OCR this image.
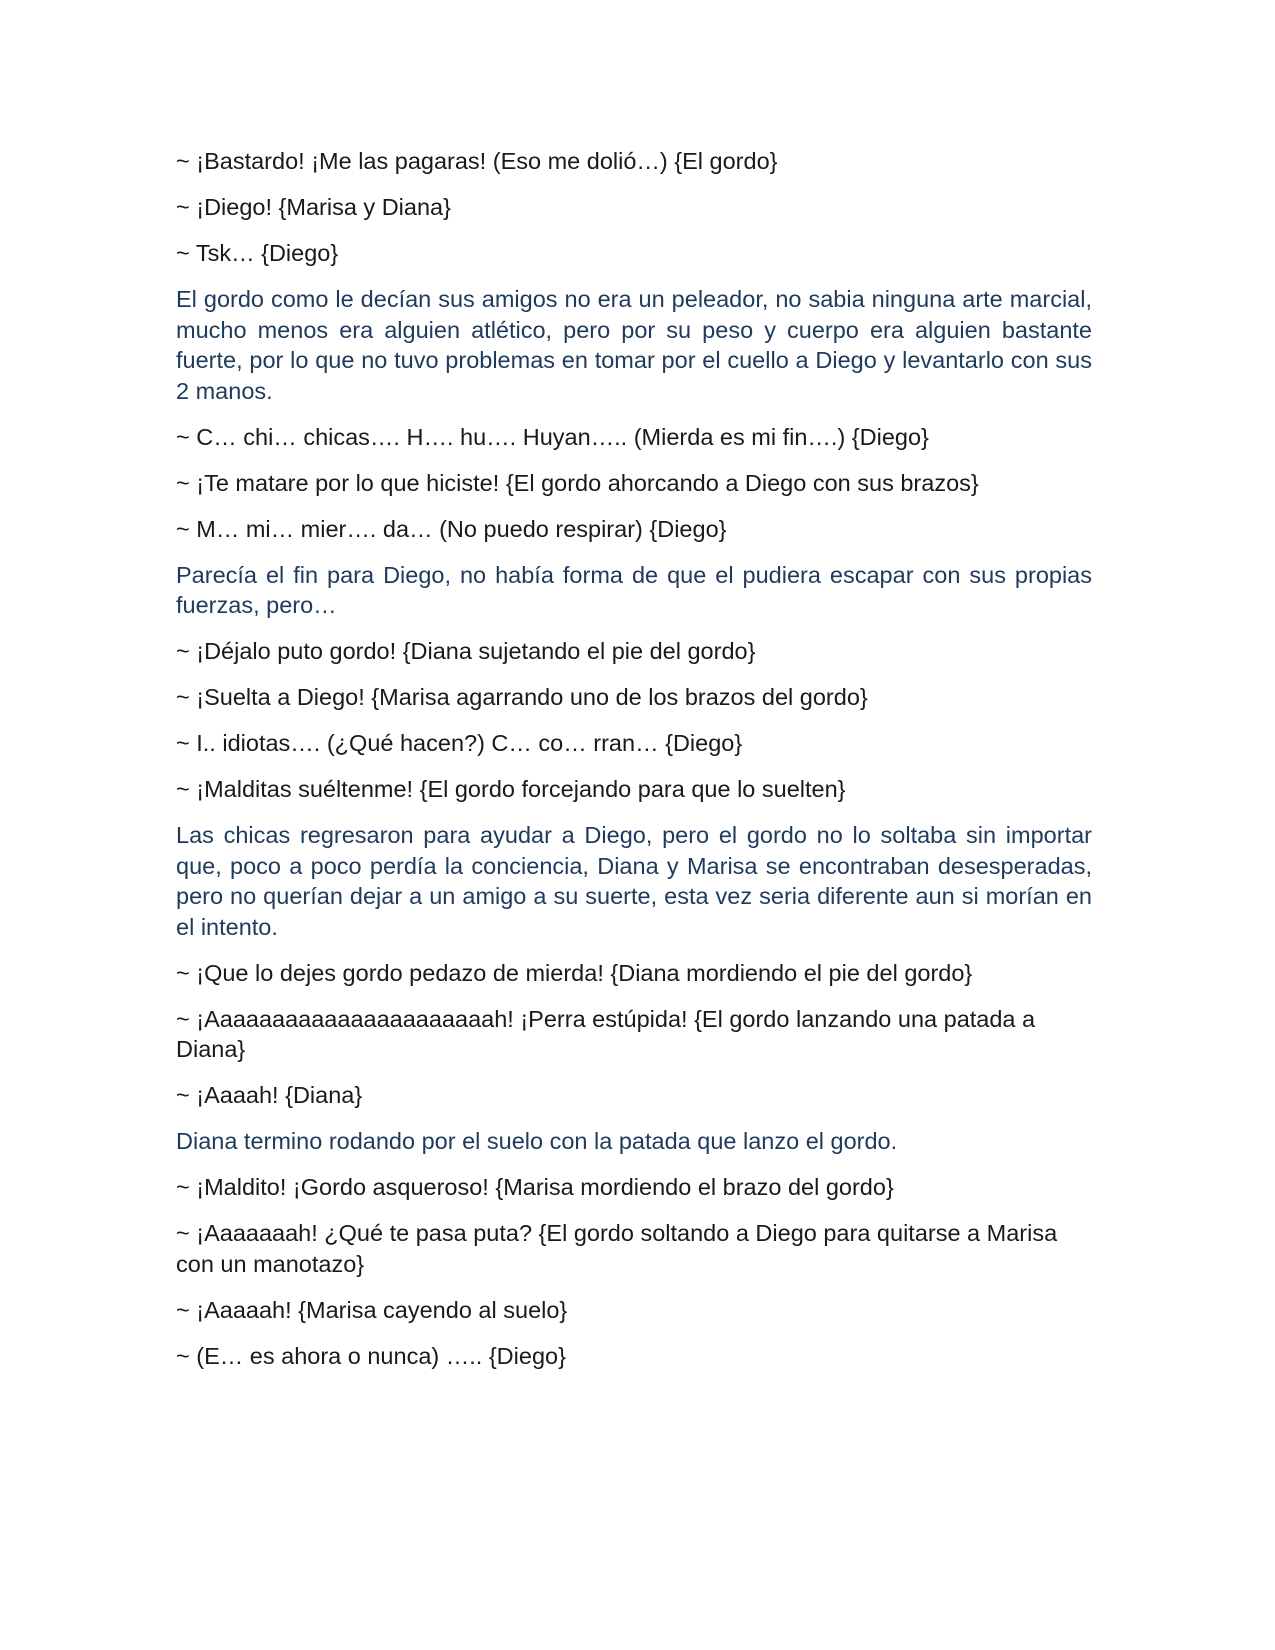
~ ¡Bastardo! ¡Me las pagaras! (Eso me dolió…) {El gordo}

~ ¡Diego! {Marisa y Diana}

~ Tsk… {Diego}

El gordo como le decían sus amigos no era un peleador, no sabia ninguna arte marcial, mucho menos era alguien atlético, pero por su peso y cuerpo era alguien bastante fuerte, por lo que no tuvo problemas en tomar por el cuello a Diego y levantarlo con sus 2 manos.

~ C… chi… chicas…. H…. hu…. Huyan….. (Mierda es mi fin….) {Diego}

~ ¡Te matare por lo que hiciste! {El gordo ahorcando a Diego con sus brazos}

~ M… mi… mier…. da… (No puedo respirar) {Diego}

Parecía el fin para Diego, no había forma de que el pudiera escapar con sus propias fuerzas, pero…

~ ¡Déjalo puto gordo! {Diana sujetando el pie del gordo}

~ ¡Suelta a Diego! {Marisa agarrando uno de los brazos del gordo}

~ I.. idiotas…. (¿Qué hacen?) C… co… rran… {Diego}

~ ¡Malditas suéltenme! {El gordo forcejando para que lo suelten}

Las chicas regresaron para ayudar a Diego, pero el gordo no lo soltaba sin importar que, poco a poco perdía la conciencia, Diana y Marisa se encontraban desesperadas, pero no querían dejar a un amigo a su suerte, esta vez seria diferente aun si morían en el intento.

~ ¡Que lo dejes gordo pedazo de mierda! {Diana mordiendo el pie del gordo}

~ ¡Aaaaaaaaaaaaaaaaaaaaaah! ¡Perra estúpida! {El gordo lanzando una patada a Diana}

~ ¡Aaaah! {Diana}

Diana termino rodando por el suelo con la patada que lanzo el gordo.

~ ¡Maldito! ¡Gordo asqueroso! {Marisa mordiendo el brazo del gordo}

~ ¡Aaaaaaah! ¿Qué te pasa puta? {El gordo soltando a Diego para quitarse a Marisa con un manotazo}

~ ¡Aaaaah! {Marisa cayendo al suelo}

~ (E… es ahora o nunca) ….. {Diego}
